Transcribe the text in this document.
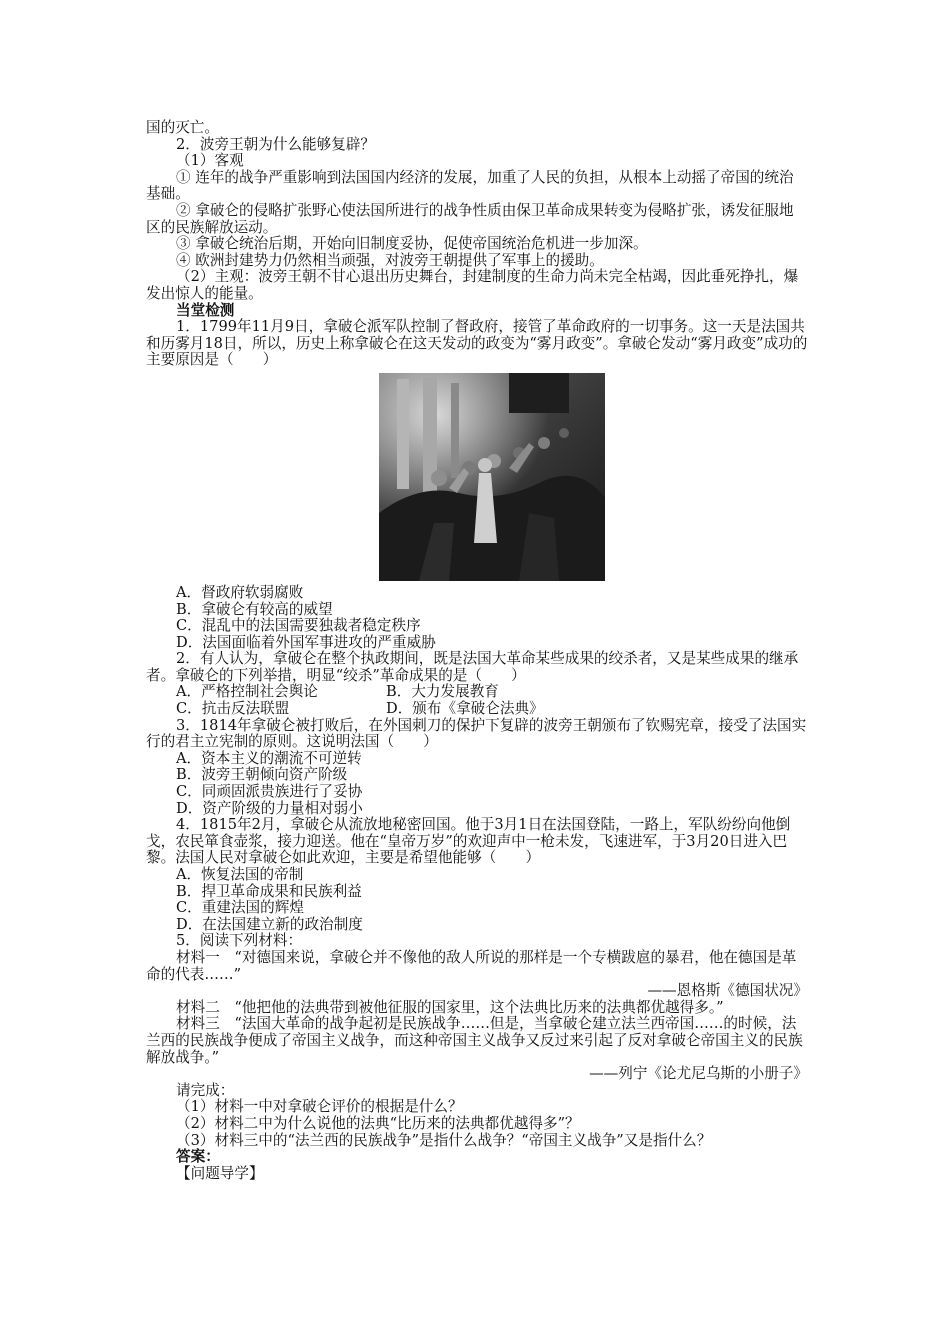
国的灭亡。

2．波旁王朝为什么能够复辟？

（1）客观

① 连年的战争严重影响到法国国内经济的发展，加重了人民的负担，从根本上动摇了帝国的统治基础。

② 拿破仑的侵略扩张野心使法国所进行的战争性质由保卫革命成果转变为侵略扩张，诱发征服地区的民族解放运动。

③ 拿破仑统治后期，开始向旧制度妥协，促使帝国统治危机进一步加深。

④ 欧洲封建势力仍然相当顽强，对波旁王朝提供了军事上的援助。

（2）主观：波旁王朝不甘心退出历史舞台，封建制度的生命力尚未完全枯竭，因此垂死挣扎，爆发出惊人的能量。

当堂检测

1．1799年11月9日，拿破仑派军队控制了督政府，接管了革命政府的一切事务。这一天是法国共和历雾月18日，所以，历史上称拿破仑在这天发动的政变为“雾月政变”。拿破仑发动“雾月政变”成功的主要原因是（　　）

A．督政府软弱腐败

B．拿破仑有较高的威望

C．混乱中的法国需要独裁者稳定秩序

D．法国面临着外国军事进攻的严重威胁

2．有人认为，拿破仑在整个执政期间，既是法国大革命某些成果的绞杀者，又是某些成果的继承者。拿破仑的下列举措，明显“绞杀”革命成果的是（　　）

A．严格控制社会舆论	B．大力发展教育
C．抗击反法联盟	D．颁布《拿破仑法典》

3．1814年拿破仑被打败后，在外国刺刀的保护下复辟的波旁王朝颁布了钦赐宪章，接受了法国实行的君主立宪制的原则。这说明法国（　　）

A．资本主义的潮流不可逆转

B．波旁王朝倾向资产阶级

C．同顽固派贵族进行了妥协

D．资产阶级的力量相对弱小

4．1815年2月，拿破仑从流放地秘密回国。他于3月1日在法国登陆，一路上，军队纷纷向他倒戈，农民箪食壶浆，接力迎送。他在“皇帝万岁”的欢迎声中一枪未发，飞速进军，于3月20日进入巴黎。法国人民对拿破仑如此欢迎，主要是希望他能够（　　）

A．恢复法国的帝制

B．捍卫革命成果和民族利益

C．重建法国的辉煌

D．在法国建立新的政治制度

5．阅读下列材料：

材料一　“对德国来说，拿破仑并不像他的敌人所说的那样是一个专横跋扈的暴君，他在德国是革命的代表……”

——恩格斯《德国状况》

材料二　“他把他的法典带到被他征服的国家里，这个法典比历来的法典都优越得多。”

材料三　“法国大革命的战争起初是民族战争……但是，当拿破仑建立法兰西帝国……的时候，法兰西的民族战争便成了帝国主义战争，而这种帝国主义战争又反过来引起了反对拿破仑帝国主义的民族解放战争。”

——列宁《论尤尼乌斯的小册子》

请完成：

（1）材料一中对拿破仑评价的根据是什么？

（2）材料二中为什么说他的法典“比历来的法典都优越得多”？

（3）材料三中的“法兰西的民族战争”是指什么战争？“帝国主义战争”又是指什么？

答案：

【问题导学】
